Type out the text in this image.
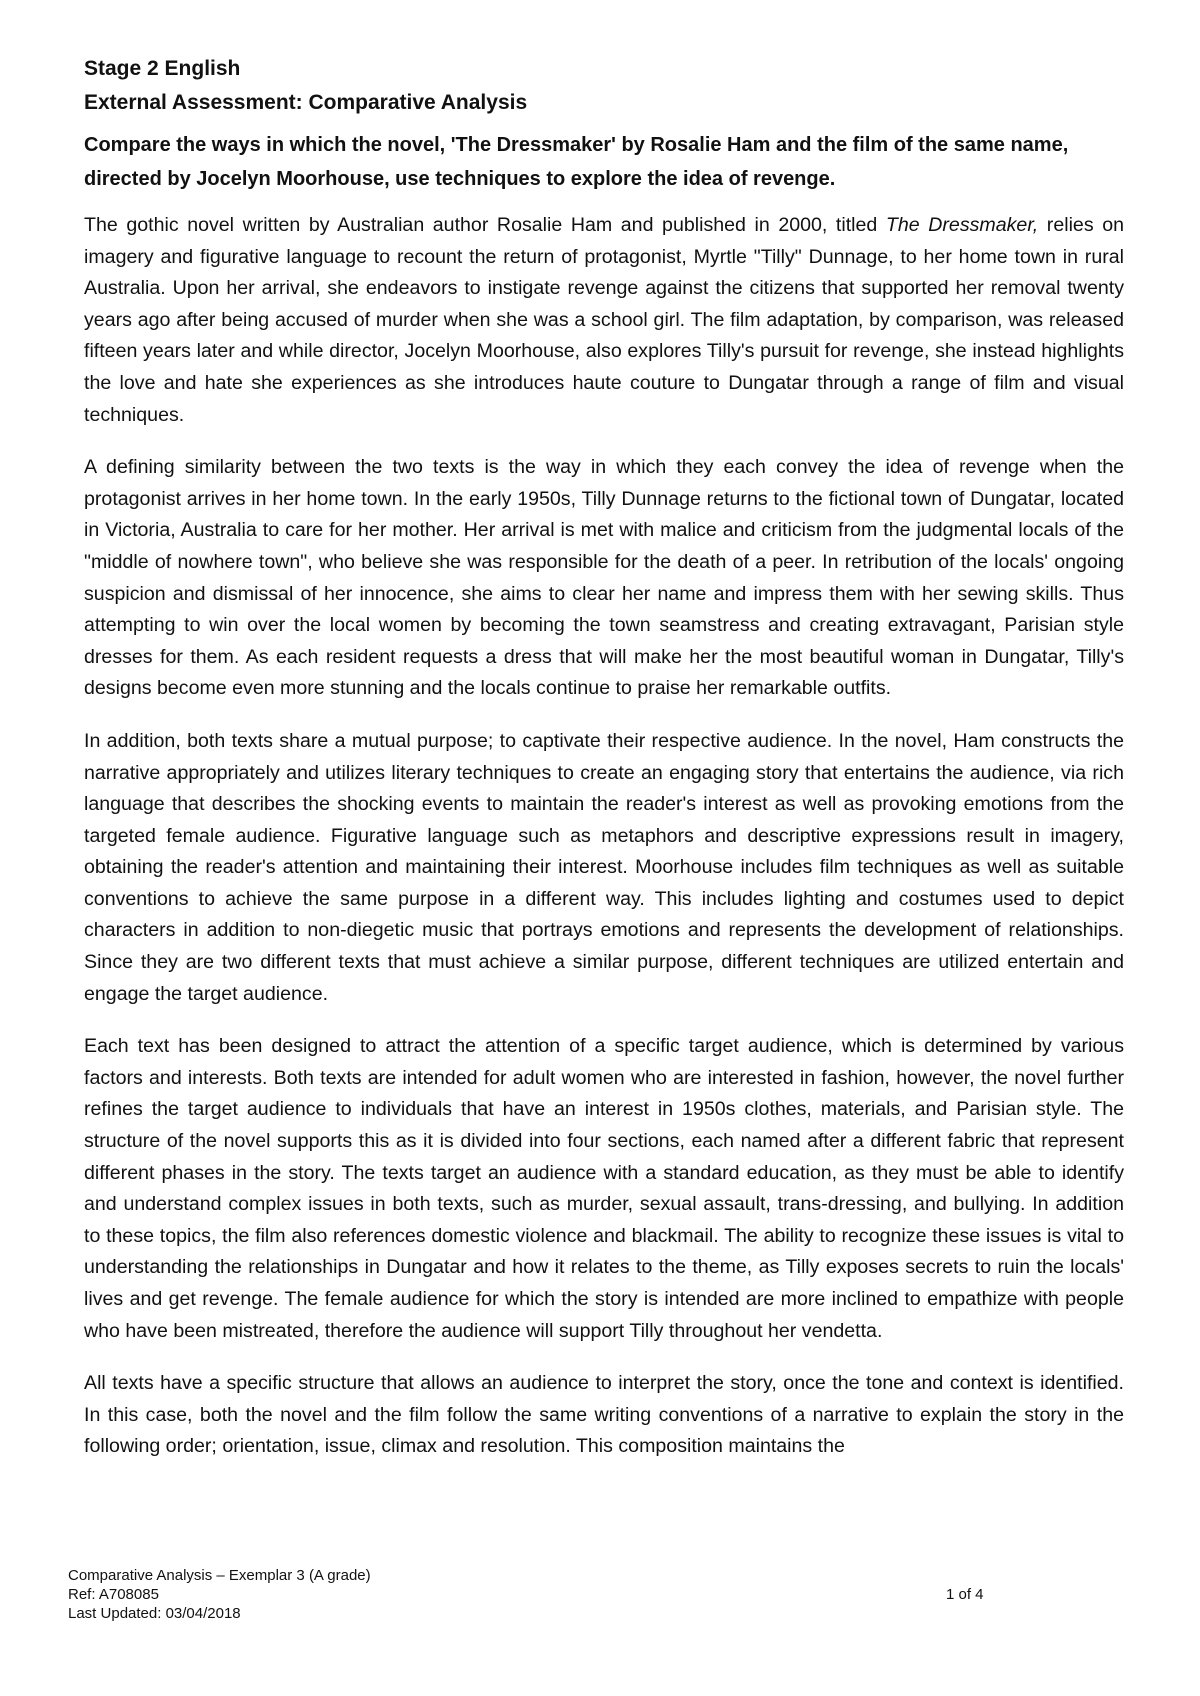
Stage 2 English

External Assessment: Comparative Analysis

Compare the ways in which the novel, 'The Dressmaker' by Rosalie Ham and the film of the same name, directed by Jocelyn Moorhouse, use techniques to explore the idea of revenge.

The gothic novel written by Australian author Rosalie Ham and published in 2000, titled The Dressmaker, relies on imagery and figurative language to recount the return of protagonist, Myrtle "Tilly" Dunnage, to her home town in rural Australia. Upon her arrival, she endeavors to instigate revenge against the citizens that supported her removal twenty years ago after being accused of murder when she was a school girl. The film adaptation, by comparison, was released fifteen years later and while director, Jocelyn Moorhouse, also explores Tilly's pursuit for revenge, she instead highlights the love and hate she experiences as she introduces haute couture to Dungatar through a range of film and visual techniques.

A defining similarity between the two texts is the way in which they each convey the idea of revenge when the protagonist arrives in her home town. In the early 1950s, Tilly Dunnage returns to the fictional town of Dungatar, located in Victoria, Australia to care for her mother. Her arrival is met with malice and criticism from the judgmental locals of the "middle of nowhere town", who believe she was responsible for the death of a peer. In retribution of the locals' ongoing suspicion and dismissal of her innocence, she aims to clear her name and impress them with her sewing skills. Thus attempting to win over the local women by becoming the town seamstress and creating extravagant, Parisian style dresses for them. As each resident requests a dress that will make her the most beautiful woman in Dungatar, Tilly's designs become even more stunning and the locals continue to praise her remarkable outfits.

In addition, both texts share a mutual purpose; to captivate their respective audience. In the novel, Ham constructs the narrative appropriately and utilizes literary techniques to create an engaging story that entertains the audience, via rich language that describes the shocking events to maintain the reader's interest as well as provoking emotions from the targeted female audience. Figurative language such as metaphors and descriptive expressions result in imagery, obtaining the reader's attention and maintaining their interest. Moorhouse includes film techniques as well as suitable conventions to achieve the same purpose in a different way. This includes lighting and costumes used to depict characters in addition to non-diegetic music that portrays emotions and represents the development of relationships. Since they are two different texts that must achieve a similar purpose, different techniques are utilized entertain and engage the target audience.

Each text has been designed to attract the attention of a specific target audience, which is determined by various factors and interests. Both texts are intended for adult women who are interested in fashion, however, the novel further refines the target audience to individuals that have an interest in 1950s clothes, materials, and Parisian style. The structure of the novel supports this as it is divided into four sections, each named after a different fabric that represent different phases in the story. The texts target an audience with a standard education, as they must be able to identify and understand complex issues in both texts, such as murder, sexual assault, trans-dressing, and bullying. In addition to these topics, the film also references domestic violence and blackmail. The ability to recognize these issues is vital to understanding the relationships in Dungatar and how it relates to the theme, as Tilly exposes secrets to ruin the locals' lives and get revenge. The female audience for which the story is intended are more inclined to empathize with people who have been mistreated, therefore the audience will support Tilly throughout her vendetta.

All texts have a specific structure that allows an audience to interpret the story, once the tone and context is identified. In this case, both the novel and the film follow the same writing conventions of a narrative to explain the story in the following order; orientation, issue, climax and resolution. This composition maintains the

Comparative Analysis – Exemplar 3 (A grade)
Ref: A708085
Last Updated: 03/04/2018
1 of 4
